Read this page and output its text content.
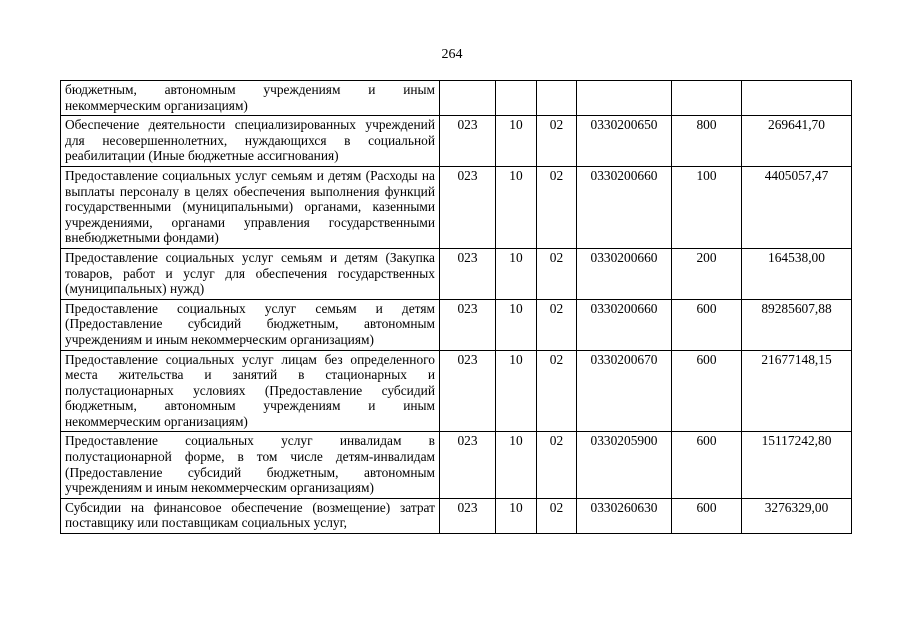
264
бюджетным, автономным учреждениям и иным некоммерческим организациям)						
Обеспечение деятельности специализированных учреждений для несовершеннолетних, нуждающихся в социальной реабилитации (Иные бюджетные ассигнования)	023	10	02	0330200650	800	269641,70
Предоставление социальных услуг семьям и детям (Расходы на выплаты персоналу в целях обеспечения выполнения функций государственными (муниципальными) органами, казенными учреждениями, органами управления государственными внебюджетными фондами)	023	10	02	0330200660	100	4405057,47
Предоставление социальных услуг семьям и детям (Закупка товаров, работ и услуг для обеспечения государственных (муниципальных) нужд)	023	10	02	0330200660	200	164538,00
Предоставление социальных услуг семьям и детям (Предоставление субсидий бюджетным, автономным учреждениям и иным некоммерческим организациям)	023	10	02	0330200660	600	89285607,88
Предоставление социальных услуг лицам без определенного места жительства и занятий в стационарных и полустационарных условиях (Предоставление субсидий бюджетным, автономным учреждениям и иным некоммерческим организациям)	023	10	02	0330200670	600	21677148,15
Предоставление социальных услуг инвалидам в полустационарной форме, в том числе детям-инвалидам (Предоставление субсидий бюджетным, автономным учреждениям и иным некоммерческим организациям)	023	10	02	0330205900	600	15117242,80
Субсидии на финансовое обеспечение (возмещение) затрат поставщику или поставщикам социальных услуг,	023	10	02	0330260630	600	3276329,00
